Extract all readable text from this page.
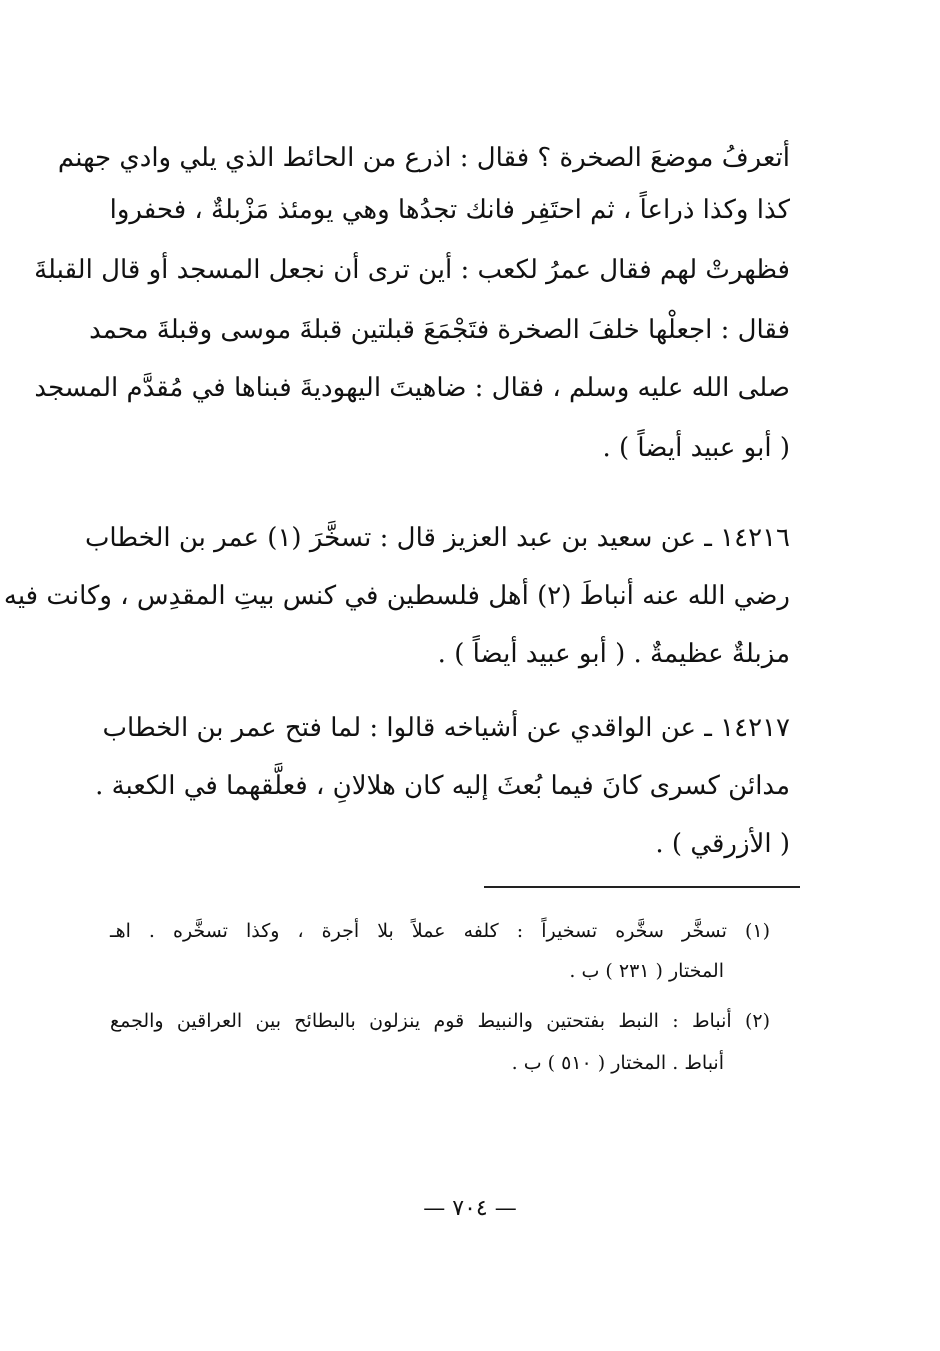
أتعرفُ موضعَ الصخرة ؟ فقال : اذرع من الحائط الذي يلي وادي جهنم
كذا وكذا ذراعاً ، ثم احتَفِر فانك تجدُها وهي يومئذ مَزْبلةٌ ، فحفروا
فظهرتْ لهم فقال عمرُ لكعب : أين ترى أن نجعل المسجد أو قال القبلةَ
فقال : اجعلْها خلفَ الصخرة فتَجْمَعَ قبلتين قبلةَ موسى وقبلةَ محمد
صلى الله عليه وسلم ، فقال : ضاهيتَ اليهوديةَ فبناها في مُقدَّم المسجد
( أبو عبيد أيضاً ) .
١٤٢١٦ ـ عن سعيد بن عبد العزيز قال : تسخَّرَ (١) عمر بن الخطاب
رضي الله عنه أنباطَ (٢) أهل فلسطين في كنس بيتِ المقدِس ، وكانت فيه
مزبلةٌ عظيمةٌ . ( أبو عبيد أيضاً ) .
١٤٢١٧ ـ عن الواقدي عن أشياخه قالوا : لما فتح عمر بن الخطاب
مدائن كسرى كانَ فيما بُعثَ إليه كان هلالانِ ، فعلَّقهما في الكعبة .
( الأزرقي ) .
(١) تسخَّر سخَّره تسخيراً : كلفه عملاً بلا أجرة ، وكذا تسخَّره . اهـ
المختار ( ٢٣١ ) ب .
(٢) أنباط : النبط بفتحتين والنبيط قوم ينزلون بالبطائح بين العراقين والجمع
أنباط . المختار ( ٥١٠ ) ب .
— ٧٠٤ —
